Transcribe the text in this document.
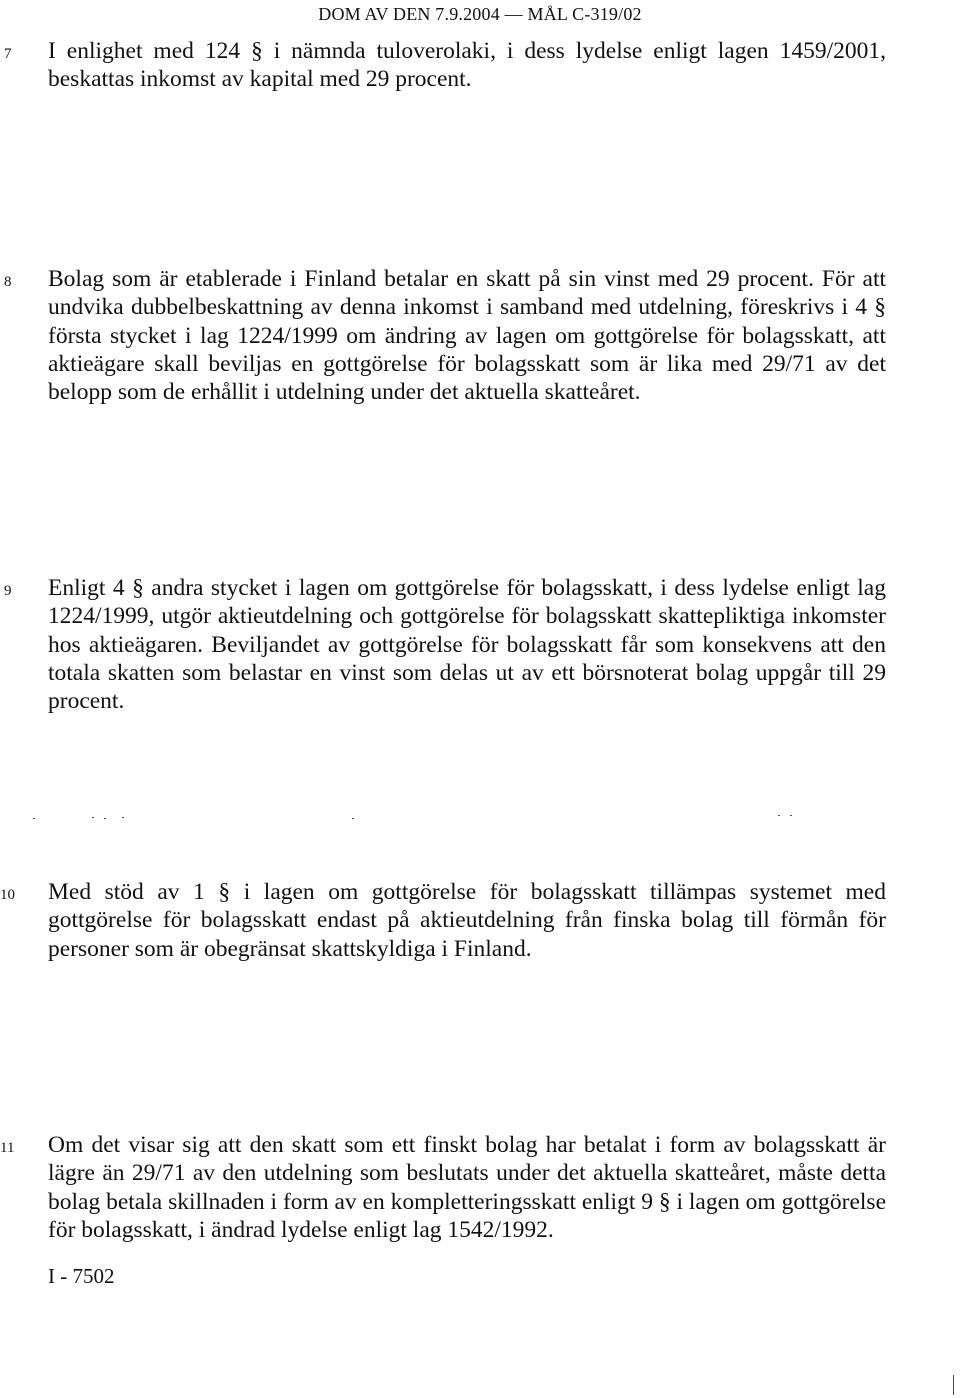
DOM AV DEN 7.9.2004 — MÅL C-319/02
7 I enlighet med 124 § i nämnda tuloverolaki, i dess lydelse enligt lagen 1459/2001, beskattas inkomst av kapital med 29 procent.

8 Bolag som är etablerade i Finland betalar en skatt på sin vinst med 29 procent. För att undvika dubbelbeskattning av denna inkomst i samband med utdelning, föreskrivs i 4 § första stycket i lag 1224/1999 om ändring av lagen om gottgörelse för bolagsskatt, att aktieägare skall beviljas en gottgörelse för bolagsskatt som är lika med 29/71 av det belopp som de erhållit i utdelning under det aktuella skatteåret.

9 Enligt 4 § andra stycket i lagen om gottgörelse för bolagsskatt, i dess lydelse enligt lag 1224/1999, utgör aktieutdelning och gottgörelse för bolagsskatt skattepliktiga inkomster hos aktieägaren. Beviljandet av gottgörelse för bolagsskatt får som konsekvens att den totala skatten som belastar en vinst som delas ut av ett börsnoterat bolag uppgår till 29 procent.

10 Med stöd av 1 § i lagen om gottgörelse för bolagsskatt tillämpas systemet med gottgörelse för bolagsskatt endast på aktieutdelning från finska bolag till förmån för personer som är obegränsat skattskyldiga i Finland.

11 Om det visar sig att den skatt som ett finskt bolag har betalat i form av bolagsskatt är lägre än 29/71 av den utdelning som beslutats under det aktuella skatteåret, måste detta bolag betala skillnaden i form av en kompletteringsskatt enligt 9 § i lagen om gottgörelse för bolagsskatt, i ändrad lydelse enligt lag 1542/1992.

I - 7502
